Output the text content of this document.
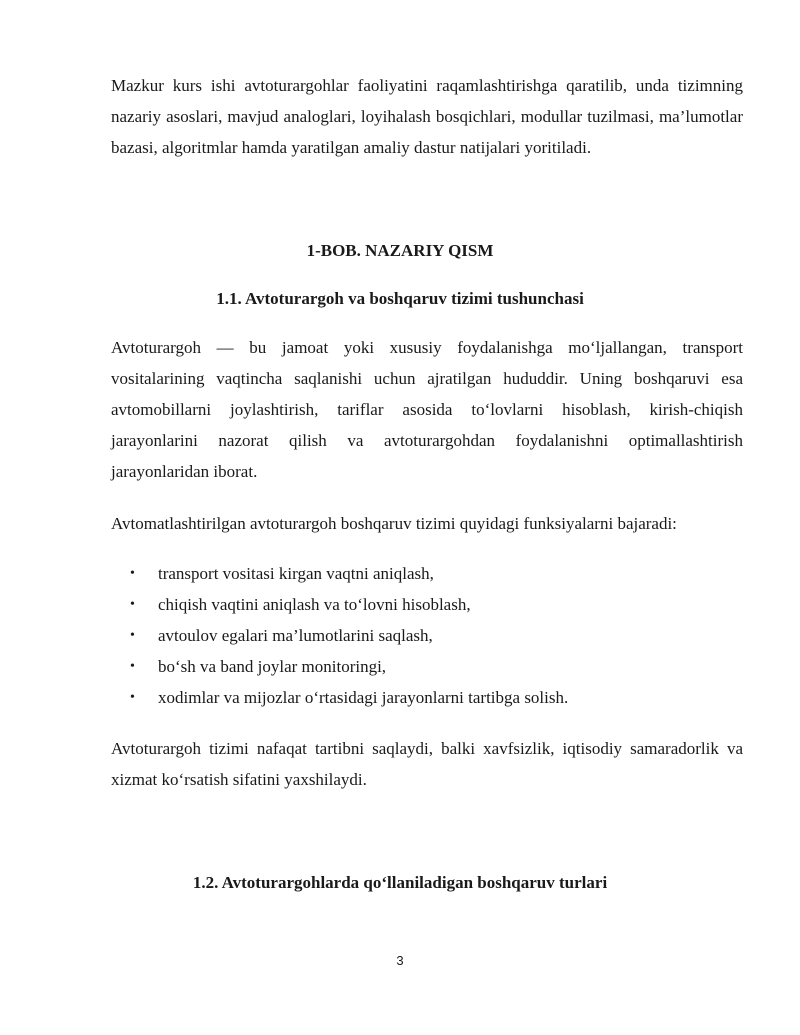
Mazkur kurs ishi avtoturargohlar faoliyatini raqamlashtirishga qaratilib, unda tizimning nazariy asoslari, mavjud analoglari, loyihalash bosqichlari, modullar tuzilmasi, ma’lumotlar bazasi, algoritmlar hamda yaratilgan amaliy dastur natijalari yoritiladi.

1-BOB. NAZARIY QISM
1.1. Avtoturargoh va boshqaruv tizimi tushunchasi

Avtoturargoh — bu jamoat yoki xususiy foydalanishga mo‘ljallangan, transport vositalarining vaqtincha saqlanishi uchun ajratilgan hududdir. Uning boshqaruvi esa avtomobillarni joylashtirish, tariflar asosida to‘lovlarni hisoblash, kirish-chiqish jarayonlarini nazorat qilish va avtoturargohdan foydalanishni optimallashtirish jarayonlaridan iborat.

Avtomatlashtirilgan avtoturargoh boshqaruv tizimi quyidagi funksiyalarni bajaradi:

• transport vositasi kirgan vaqtni aniqlash,
• chiqish vaqtini aniqlash va to‘lovni hisoblash,
• avtoulov egalari ma’lumotlarini saqlash,
• bo‘sh va band joylar monitoringi,
• xodimlar va mijozlar o‘rtasidagi jarayonlarni tartibga solish.

Avtoturargoh tizimi nafaqat tartibni saqlaydi, balki xavfsizlik, iqtisodiy samaradorlik va xizmat ko‘rsatish sifatini yaxshilaydi.

1.2. Avtoturargohlarda qo‘llaniladigan boshqaruv turlari
3
